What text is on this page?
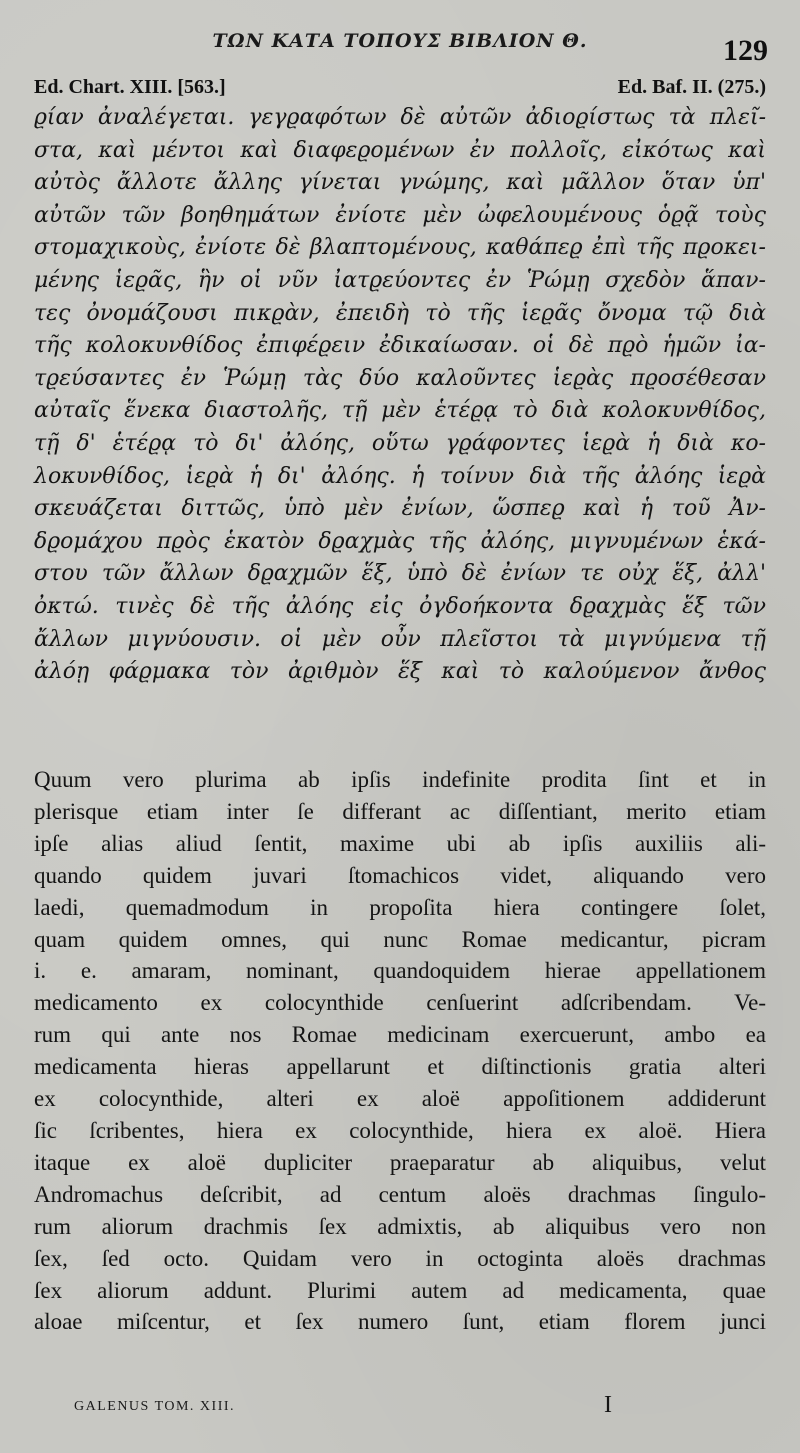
ΤΩΝ ΚΑΤΑ ΤΟΠΟΥΣ ΒΙΒΛΙΟΝ Θ.	129
Ed. Chart. XIII. [563.]	Ed. Baf. II. (275.)
ϱίαν ἀναλέγεται. γεγϱαφότων δὲ αὐτῶν ἀδιοϱίστως τὰ πλεῖ-
στα, καὶ μέντοι καὶ διαφεϱομένων ἐν πολλοῖς, εἰκότως καὶ
αὐτὸς ἄλλοτε ἄλλης γίνεται γνώμης, καὶ μᾶλλον ὅταν ὑπ'
αὐτῶν τῶν βοηθημάτων ἐνίοτε μὲν ὠφελουμένους ὁϱᾷ τοὺς
στομαχικοὺς, ἐνίοτε δὲ βλαπτομένους, καθάπεϱ ἐπὶ τῆς πϱοκει-
μένης ἱεϱᾶς, ἣν οἱ νῦν ἰατϱεύοντες ἐν Ῥώμῃ σχεδὸν ἅπαν-
τες ὀνομάζουσι πικϱὰν, ἐπειδὴ τὸ τῆς ἱεϱᾶς ὄνομα τῷ διὰ
τῆς κολοκυνθίδος ἐπιφέϱειν ἐδικαίωσαν. οἱ δὲ πϱὸ ἡμῶν ἰα-
τϱεύσαντες ἐν Ῥώμῃ τὰς δύο καλοῦντες ἱεϱὰς πϱοσέθεσαν
αὐταῖς ἕνεκα διαστολῆς, τῇ μὲν ἑτέϱᾳ τὸ διὰ κολοκυνθίδος,
τῇ δ' ἑτέϱᾳ τὸ δι' ἀλόης, οὕτω γϱάφοντες ἱεϱὰ ἡ διὰ κο-
λοκυνθίδος, ἱεϱὰ ἡ δι' ἀλόης. ἡ τοίνυν διὰ τῆς ἀλόης ἱεϱὰ
σκευάζεται διττῶς, ὑπὸ μὲν ἐνίων, ὥσπεϱ καὶ ἡ τοῦ Ἀν-
δϱομάχου πϱὸς ἑκατὸν δϱαχμὰς τῆς ἀλόης, μιγνυμένων ἑκά-
στου τῶν ἄλλων δϱαχμῶν ἕξ, ὑπὸ δὲ ἐνίων τε οὐχ ἕξ, ἀλλ'
ὀκτώ. τινὲς δὲ τῆς ἀλόης εἰς ὀγδοήκοντα δϱαχμὰς ἕξ τῶν
ἄλλων μιγνύουσιν. οἱ μὲν οὖν πλεῖστοι τὰ μιγνύμενα τῇ
ἀλόῃ φάϱμακα τὸν ἀϱιθμὸν ἕξ καὶ τὸ καλούμενον ἄνθος
Quum vero plurima ab ipſis indefinite prodita ſint et in
plerisque etiam inter ſe differant ac diſſentiant, merito etiam
ipſe alias aliud ſentit, maxime ubi ab ipſis auxiliis ali-
quando quidem juvari ſtomachicos videt, aliquando vero
laedi, quemadmodum in propoſita hiera contingere ſolet,
quam quidem omnes, qui nunc Romae medicantur, picram
i. e. amaram, nominant, quandoquidem hierae appellationem
medicamento ex colocynthide cenſuerint adſcribendam. Ve-
rum qui ante nos Romae medicinam exercuerunt, ambo ea
medicamenta hieras appellarunt et diſtinctionis gratia alteri
ex colocynthide, alteri ex aloë appoſitionem addiderunt
ſic ſcribentes, hiera ex colocynthide, hiera ex aloë. Hiera
itaque ex aloë dupliciter praeparatur ab aliquibus, velut
Andromachus deſcribit, ad centum aloës drachmas ſingulo-
rum aliorum drachmis ſex admixtis, ab aliquibus vero non
ſex, ſed octo. Quidam vero in octoginta aloës drachmas
ſex aliorum addunt. Plurimi autem ad medicamenta, quae
aloae miſcentur, et ſex numero ſunt, etiam florem junci
GALENUS TOM. XIII.	I
